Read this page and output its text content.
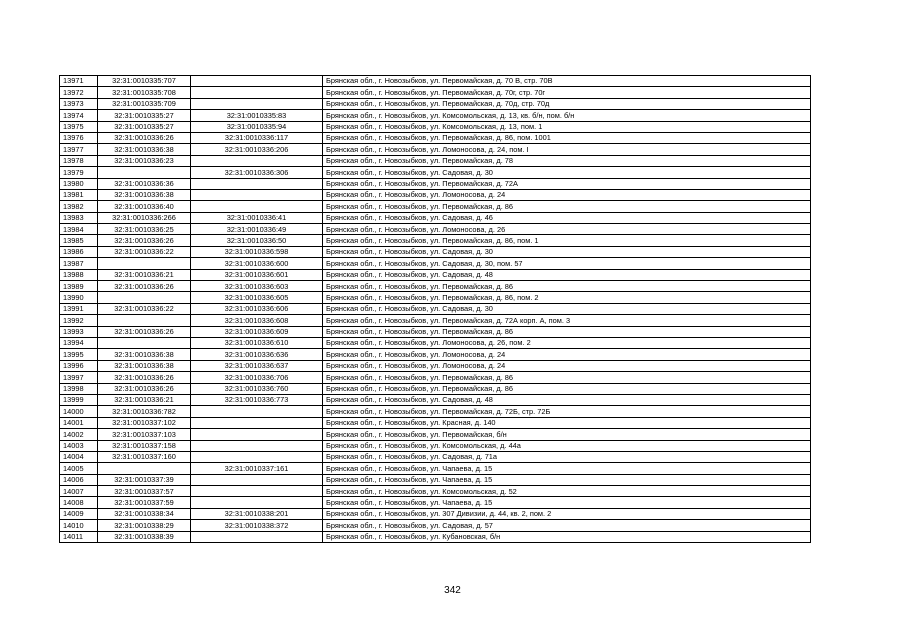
13971	32:31:0010335:707		Брянская обл., г. Новозыбков, ул. Первомайская, д. 70 В, стр. 70В
13972	32:31:0010335:708		Брянская обл., г. Новозыбков, ул. Первомайская, д. 70г, стр. 70г
13973	32:31:0010335:709		Брянская обл., г. Новозыбков, ул. Первомайская, д. 70д, стр. 70д
13974	32:31:0010335:27	32:31:0010335:83	Брянская обл., г. Новозыбков, ул. Комсомольская, д. 13, кв. б/н, пом. б/н
13975	32:31:0010335:27	32:31:0010335:94	Брянская обл., г. Новозыбков, ул. Комсомольская, д. 13, пом. 1
13976	32:31:0010336:26	32:31:0010336:117	Брянская обл., г. Новозыбков, ул. Первомайская, д. 86, пом. 1001
13977	32:31:0010336:38	32:31:0010336:206	Брянская обл., г. Новозыбков, ул. Ломоносова, д. 24, пом. I
13978	32:31:0010336:23		Брянская обл., г. Новозыбков, ул. Первомайская, д. 78
13979		32:31:0010336:306	Брянская обл., г. Новозыбков, ул. Садовая, д. 30
13980	32:31:0010336:36		Брянская обл., г. Новозыбков, ул. Первомайская, д. 72А
13981	32:31:0010336:38		Брянская обл., г. Новозыбков, ул. Ломоносова, д. 24
13982	32:31:0010336:40		Брянская обл., г. Новозыбков, ул. Первомайская, д. 86
13983	32:31:0010336:266	32:31:0010336:41	Брянская обл., г. Новозыбков, ул. Садовая, д. 46
13984	32:31:0010336:25	32:31:0010336:49	Брянская обл., г. Новозыбков, ул. Ломоносова, д. 26
13985	32:31:0010336:26	32:31:0010336:50	Брянская обл., г. Новозыбков, ул. Первомайская, д. 86, пом. 1
13986	32:31:0010336:22	32:31:0010336:598	Брянская обл., г. Новозыбков, ул. Садовая, д. 30
13987		32:31:0010336:600	Брянская обл., г. Новозыбков, ул. Садовая, д. 30, пом. 57
13988	32:31:0010336:21	32:31:0010336:601	Брянская обл., г. Новозыбков, ул. Садовая, д. 48
13989	32:31:0010336:26	32:31:0010336:603	Брянская обл., г. Новозыбков, ул. Первомайская, д. 86
13990		32:31:0010336:605	Брянская обл., г. Новозыбков, ул. Первомайская, д. 86, пом. 2
13991	32:31:0010336:22	32:31:0010336:606	Брянская обл., г. Новозыбков, ул. Садовая, д. 30
13992		32:31:0010336:608	Брянская обл., г. Новозыбков, ул. Первомайская, д. 72А корп. А, пом. 3
13993	32:31:0010336:26	32:31:0010336:609	Брянская обл., г. Новозыбков, ул. Первомайская, д. 86
13994		32:31:0010336:610	Брянская обл., г. Новозыбков, ул. Ломоносова, д. 26, пом. 2
13995	32:31:0010336:38	32:31:0010336:636	Брянская обл., г. Новозыбков, ул. Ломоносова, д. 24
13996	32:31:0010336:38	32:31:0010336:637	Брянская обл., г. Новозыбков, ул. Ломоносова, д. 24
13997	32:31:0010336:26	32:31:0010336:706	Брянская обл., г. Новозыбков, ул. Первомайская, д. 86
13998	32:31:0010336:26	32:31:0010336:760	Брянская обл., г. Новозыбков, ул. Первомайская, д. 86
13999	32:31:0010336:21	32:31:0010336:773	Брянская обл., г. Новозыбков, ул. Садовая, д. 48
14000	32:31:0010336:782		Брянская обл., г. Новозыбков, ул. Первомайская, д. 72Б, стр. 72Б
14001	32:31:0010337:102		Брянская обл., г. Новозыбков, ул. Красная, д. 140
14002	32:31:0010337:103		Брянская обл., г. Новозыбков, ул. Первомайская, б/н
14003	32:31:0010337:158		Брянская обл., г. Новозыбков, ул. Комсомольская, д. 44а
14004	32:31:0010337:160		Брянская обл., г. Новозыбков, ул. Садовая, д. 71а
14005		32:31:0010337:161	Брянская обл., г. Новозыбков, ул. Чапаева, д. 15
14006	32:31:0010337:39		Брянская обл., г. Новозыбков, ул. Чапаева, д. 15
14007	32:31:0010337:57		Брянская обл., г. Новозыбков, ул. Комсомольская, д. 52
14008	32:31:0010337:59		Брянская обл., г. Новозыбков, ул. Чапаева, д. 15
14009	32:31:0010338:34	32:31:0010338:201	Брянская обл., г. Новозыбков, ул. 307 Дивизии, д. 44, кв. 2, пом. 2
14010	32:31:0010338:29	32:31:0010338:372	Брянская обл., г. Новозыбков, ул. Садовая, д. 57
14011	32:31:0010338:39		Брянская обл., г. Новозыбков, ул. Кубановская, б/н
342
